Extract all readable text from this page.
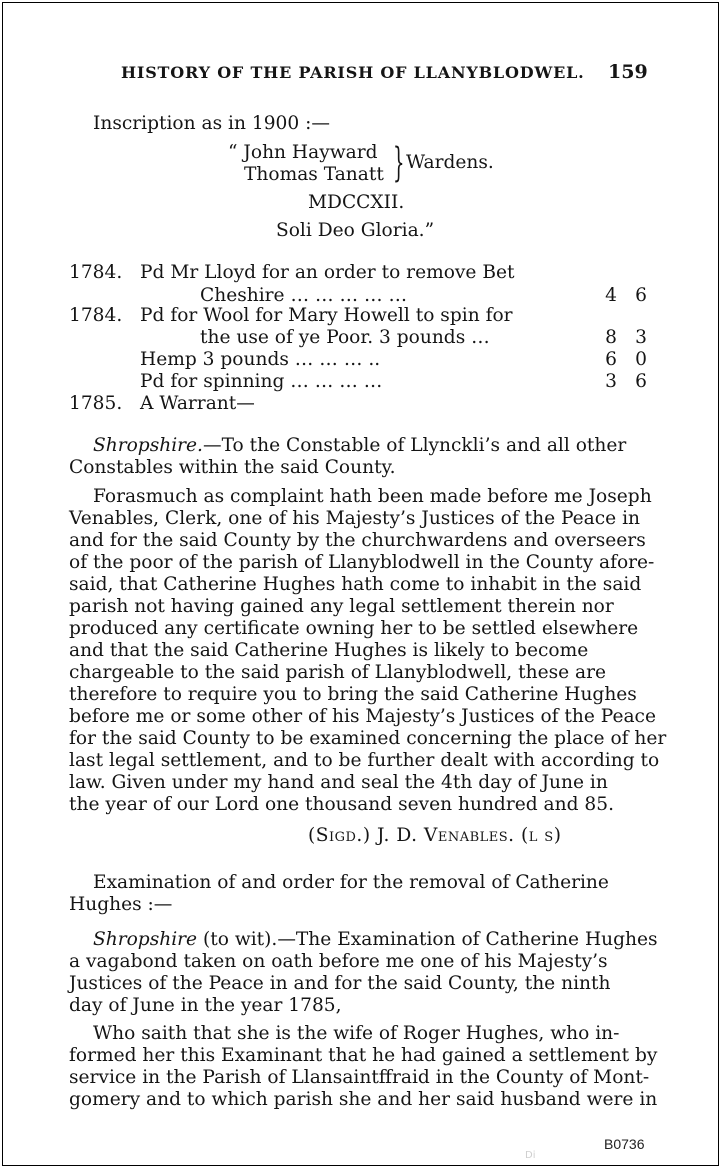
HISTORY OF THE PARISH OF LLANYBLODWEL. 159
Inscription as in 1900 :—
“ John Hayward
Thomas Tanatt } Wardens.
MDCCXII.
Soli Deo Gloria.”
1784. Pd Mr Lloyd for an order to remove Bet
Cheshire … … … … …	4 6
1784. Pd for Wool for Mary Howell to spin for
the use of ye Poor. 3 pounds …	8 3
Hemp 3 pounds … … … ..	6 0
Pd for spinning … … … …	3 6
1785. A Warrant—
Shropshire.—To the Constable of Llynckli’s and all other
Constables within the said County.
Forasmuch as complaint hath been made before me Joseph
Venables, Clerk, one of his Majesty’s Justices of the Peace in
and for the said County by the churchwardens and overseers
of the poor of the parish of Llanyblodwell in the County afore-
said, that Catherine Hughes hath come to inhabit in the said
parish not having gained any legal settlement therein nor
produced any certificate owning her to be settled elsewhere
and that the said Catherine Hughes is likely to become
chargeable to the said parish of Llanyblodwell, these are
therefore to require you to bring the said Catherine Hughes
before me or some other of his Majesty’s Justices of the Peace
for the said County to be examined concerning the place of her
last legal settlement, and to be further dealt with according to
law. Given under my hand and seal the 4th day of June in
the year of our Lord one thousand seven hundred and 85.
(Sigd.) J. D. Venables. (l s)
Examination of and order for the removal of Catherine
Hughes :—
Shropshire (to wit).—The Examination of Catherine Hughes
a vagabond taken on oath before me one of his Majesty’s
Justices of the Peace in and for the said County, the ninth
day of June in the year 1785,
Who saith that she is the wife of Roger Hughes, who in-
formed her this Examinant that he had gained a settlement by
service in the Parish of Llansaintffraid in the County of Mont-
gomery and to which parish she and her said husband were in
Di
B0736
